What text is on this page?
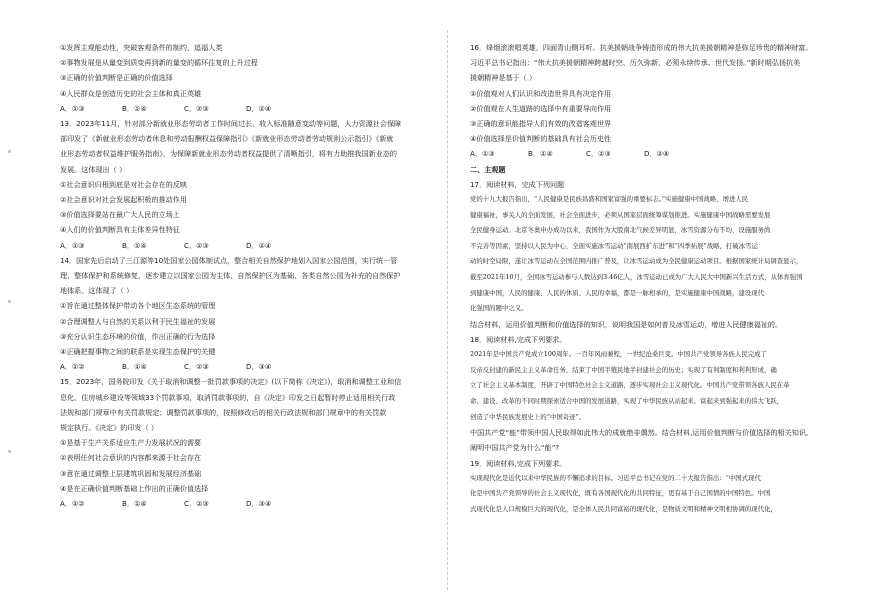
①发挥主观能动性，突破客观条件的制约，追福人类
②事物发展是从量变到质变再到新的量变的循环往复的上升过程
③正确的价值判断是正确的价值选择
④人民群众是创造历史的社会主体和真正英雄
A．①③	B．①④	C．②③	D．②④
13．2023年11月，针对部分新就业形态劳动者工作时间过长、收入标准随意变动等问题，人力资源社会保障
部印发了《新就业形态劳动者休息和劳动报酬权益保障指引》《新就业形态劳动者劳动规则公示指引》《新就
业形态劳动者权益维护服务指南》，为保障新就业形态劳动者权益提供了清晰指引，将有力助推我国新业态的
发展。这体现出（ ）
①社会意识归根到底是对社会存在的反映
②社会意识对社会发展起积极的推动作用
③价值选择要站在最广大人民的立场上
④人们的价值判断具有主体差异性特征
A．①③	B．①④	C．②③	D．②④
14．国家先后启动了三江源等10处国家公园体制试点，整合相关自然保护地划入国家公园范围，实行统一管
理、整体保护和系统修复，逐步建立以国家公园为主体、自然保护区为基础、各类自然公园为补充的自然保护
地体系。这体现了（ ）
①旨在通过整体保护带动各个地区生态系统的管理
②合理调整人与自然的关系以利于民生福祉的发展
③充分认识生态环境的价值，作出正确的行为选择
④正确把握事物之间的联系是实现生态保护的关键
A．①②	B．①④	C．②③	D．③④
15．2023年，国务院印发《关于取消和调整一批罚款事项的决定》(以下简称《决定》)，取消和调整工业和信
息化、住房城乡建设等领域33个罚款事项，取消罚款事项的，自《决定》印发之日起暂时停止适用相关行政
法规和部门规章中有关罚款规定；调整罚款事项的，按照修改后的相关行政法规和部门规章中的有关罚款
规定执行。《决定》的印发（ ）
①是基于生产关系适应生产力发展状况的需要
②表明任何社会意识的内容都来源于社会存在
③意在通过调整上层建筑巩固和发展经济基础
④是在正确价值判断基础上作出的正确价值选择
A．①②	B．①④	C．②③	D．③④
16．烽烟滚滚唱英雄，四面青山侧耳听。抗美援朝战争铸造形成的伟大抗美援朝精神是弥足珍贵的精神财富。
习近平总书记指出：“伟大抗美援朝精神跨越时空、历久弥新，必须永续传承、世代发扬。”新时期弘扬抗美
援朝精神是基于（ ）
①价值观对人们认识和改造世界具有决定作用
②价值观在人生道路的选择中有重要导向作用
③正确的意识能指导人们有效的改造客观世界
④价值选择是价值判断的基础具有社会历史性
A．①③	B．①④	C．②③	D．②④
二、主观题
17．阅读材料，完成下列问题
党的十九大报告指出，“人民健康是民族昌盛和国家富强的重要标志。”实施健康中国战略，增进人民
健康福祉，事关人的全面发展，社会全面进步，必须从国家层面统筹谋划推进。实施健康中国战略需要发展
全民健身运动。北京冬奥申办成功以来，我国作为大股南北气候差异明显，冰雪资源分布不均，设施服务尚
不完善等因素，坚持以人民为中心，全面实施冰雪运动“南展西扩东进”和“四季拓展”战略，打破冰雪运
动的时空局限，遂让冰雪运动在全国范围内推广普及，让冰雪运动成为全民健康运动项目。根据国家统计局调查显示，
截至2021年10月，全国冰雪运动参与人数达到3.46亿人，冰雪运动已成为广大人民大中国新兴生活方式，从体育强国
到健康中国，人民的健康、人民的体质、人民的幸福，都是一脉相承的，是实施健康中国战略，建设现代
化强国的题中之义。
结合材料，运用价值判断和价值选择的知识，说明我国是如何普及冰雪运动，增进人民健康福祉的。
18．阅读材料,完成下列要求。
2021年是中国共产党成立100周年。一百年风雨兼程，一世纪沧桑巨变。中国共产党领导各族人民完成了
反帝反封建的新民主主义革命任务，结束了中国半殖民地半封建社会的历史；实现了有利制度和利利形成，确
立了社会主义基本制度，开辟了中国特色社会主义道路，逐步实现社会主义现代化。中国共产党带领各族人民在革
命、建设、改革的不同时期探索适合中国的发展道路，实现了中华民族从站起来、富起来到强起来的伟大飞跃，
创造了中华民族发展史上的“中国奇迹”。
中国共产党“能”带领中国人民取得如此伟大的成就绝非偶然。结合材料,运用价值判断与价值选择的相关知识,
阐明中国共产党为什么“能”?
19．阅读材料,完成下列要求。
实现现代化是近代以来中华民族的不懈追求的目标。习近平总书记在党的二十大报告指出：“中国式现代
化是中国共产党领导的社会主义现代化，既有各国现代化的共同特征，更有基于自己国情的中国特色。中国
式现代化是人口规模巨大的现代化，是全体人民共同富裕的现代化，是物质文明和精神文明相协调的现代化，
